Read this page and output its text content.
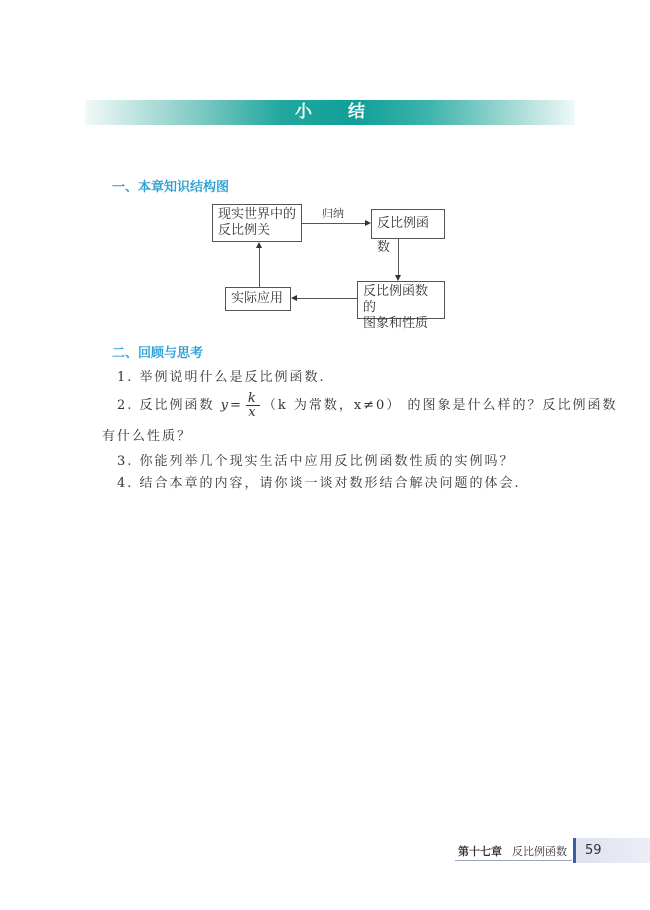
小结
一、本章知识结构图
现实世界中的
反比例关	反比例函数
反比例函数的
图象和性质
实际应用
归纳
二、回顾与思考
1. 举例说明什么是反比例函数.
2. 反比例函数 $y= \frac{k}{x} (k$ 为常数，x≠0） 的图象是什么样的？反比例函数
有什么性质？
3. 你能列举几个现实生活中应用反比例函数性质的实例吗？
4. 结合本章的内容，请你谈一谈对数形结合解决问题的体会.
第十七章 反比例函数	59
